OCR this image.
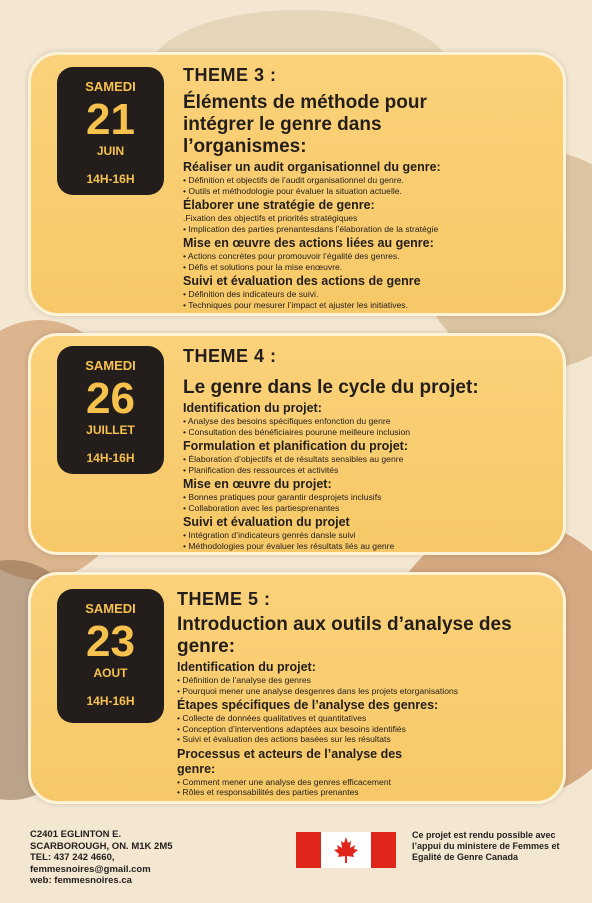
SAMEDI
21
JUIN
14H-16H
THEME 3 :
Éléments de méthode pour intégrer le genre dans l’organismes:
Réaliser un audit organisationnel du genre:
• Définition et objectifs de l’audit organisationnel du genre.
• Outils et méthodologie pour évaluer la situation actuelle.
Élaborer une stratégie de genre:
.Fixation des objectifs et priorités stratégiques
• Implication des parties prenantesdans l’élaboration de la stratégie
Mise en œuvre des actions liées au genre:
• Actions concrètes pour promouvoir l’égalité des genres.
• Défis et solutions pour la mise enœuvre.
Suivi et évaluation des actions de genre
• Définition des indicateurs de suivi.
• Techniques pour mesurer l’impact et ajuster les initiatives.
SAMEDI
26
JUILLET
14H-16H
THEME 4 :
Le genre dans le cycle du projet:
Identification du projet:
• Analyse des besoins spécifiques enfonction du genre
• Consultation des bénéficiaires pourune meilleure inclusion
Formulation et planification du projet:
• Élaboration d’objectifs et de résultats sensibles au genre
• Planification des ressources et activités
Mise en œuvre du projet:
• Bonnes pratiques pour garantir desprojets inclusifs
• Collaboration avec les partiesprenantes
Suivi et évaluation du projet
• Intégration d’indicateurs genrés dansle suivi
• Méthodologies pour évaluer les résultats liés au genre
SAMEDI
23
AOUT
14H-16H
THEME 5 :
Introduction aux outils d’analyse des genre:
Identification du projet:
• Définition de l’analyse des genres
• Pourquoi mener une analyse desgenres dans les projets etorganisations
Étapes spécifiques de l’analyse des genres:
• Collecte de données qualitatives et quantitatives
• Conception d’interventions adaptées aux besoins identifiés
• Suivi et évaluation des actions basées sur les résultats
Processus et acteurs de l’analyse des genre:
• Comment mener une analyse des genres efficacement
• Rôles et responsabilités des parties prenantes
C2401 EGLINTON E.
SCARBOROUGH, ON. M1K 2M5
TEL: 437 242 4660,
femmesnoires@gmail.com
web: femmesnoires.ca
Ce projet est rendu possible avec l’appui du ministere de Femmes et Egalité de Genre Canada
